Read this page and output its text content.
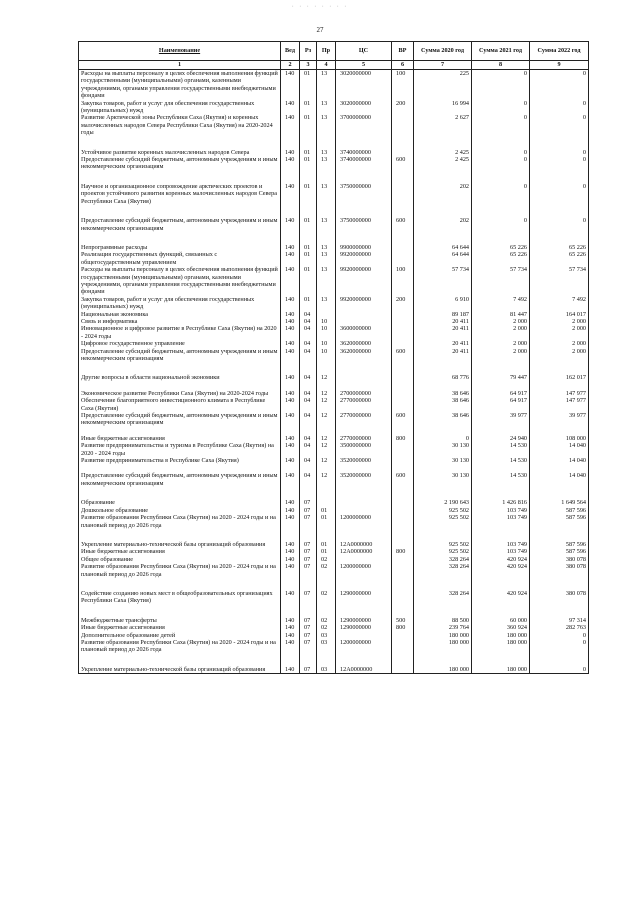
· · · · · · · ·
27
Наименование	Вед	Рз	Пр	ЦС	ВР	Сумма 2020 год	Сумма 2021 год	Сумма 2022 год
1	2	3	4	5	6	7	8	9
Расходы на выплаты персоналу в целях обеспечения выполнения функций государственными (муниципальными) органами, казенными учреждениями, органами управления государственными внебюджетными фондами	140	01	13	3020000000	100	225	0	0
Закупка товаров, работ и услуг для обеспечения государственных (муниципальных) нужд	140	01	13	3020000000	200	16 994	0	0
Развитие Арктической зоны Республики Саха (Якутия) и коренных малочисленных народов Севера Республики Саха (Якутия) на 2020-2024 годы	140	01	13	3700000000		2 627	0	0
Устойчивое развитие коренных малочисленных народов Севера	140	01	13	3740000000		2 425	0	0
Предоставление субсидий бюджетным, автономным учреждениям и иным некоммерческим организациям	140	01	13	3740000000	600	2 425	0	0
Научное и организационное сопровождение арктических проектов и проектов устойчивого развития коренных малочисленных народов Севера Республики Саха (Якутия)	140	01	13	3750000000		202	0	0
Предоставление субсидий бюджетным, автономным учреждениям и иным некоммерческим организациям	140	01	13	3750000000	600	202	0	0
Непрограммные расходы	140	01	13	9900000000		64 644	65 226	65 226
Реализация государственных функций, связанных с общегосударственным управлением	140	01	13	9920000000		64 644	65 226	65 226
Расходы на выплаты персоналу в целях обеспечения выполнения функций государственными (муниципальными) органами, казенными учреждениями, органами управления государственными внебюджетными фондами	140	01	13	9920000000	100	57 734	57 734	57 734
Закупка товаров, работ и услуг для обеспечения государственных (муниципальных) нужд	140	01	13	9920000000	200	6 910	7 492	7 492
Национальная экономика	140	04				89 187	81 447	164 017
Связь и информатика	140	04	10			20 411	2 000	2 000
Инновационное и цифровое развитие в Республике Саха (Якутия) на 2020 - 2024 годы	140	04	10	3600000000		20 411	2 000	2 000
Цифровое государственное управление	140	04	10	3620000000		20 411	2 000	2 000
Предоставление субсидий бюджетным, автономным учреждениям и иным некоммерческим организациям	140	04	10	3620000000	600	20 411	2 000	2 000
Другие вопросы в области национальной экономики	140	04	12			68 776	79 447	162 017
Экономическое развитие Республики Саха (Якутия) на 2020-2024 годы	140	04	12	2700000000		38 646	64 917	147 977
Обеспечение благоприятного инвестиционного климата в Республике Саха (Якутия)	140	04	12	2770000000		38 646	64 917	147 977
Предоставление субсидий бюджетным, автономным учреждениям и иным некоммерческим организациям	140	04	12	2770000000	600	38 646	39 977	39 977
Иные бюджетные ассигнования	140	04	12	2770000000	800	0	24 940	108 000
Развитие предпринимательства и туризма в Республике Саха (Якутия) на 2020 - 2024 годы	140	04	12	3500000000		30 130	14 530	14 040
Развитие предпринимательства в Республике Саха (Якутия)	140	04	12	3520000000		30 130	14 530	14 040
Предоставление субсидий бюджетным, автономным учреждениям и иным некоммерческим организациям	140	04	12	3520000000	600	30 130	14 530	14 040
Образование	140	07				2 190 643	1 426 816	1 649 564
Дошкольное образование	140	07	01			925 502	103 749	587 596
Развитие образования Республики Саха (Якутия) на 2020 - 2024 годы и на плановый период до 2026 года	140	07	01	1200000000		925 502	103 749	587 596
Укрепление материально-технической базы организаций образования	140	07	01	12А0000000		925 502	103 749	587 596
Иные бюджетные ассигнования	140	07	01	12А0000000	800	925 502	103 749	587 596
Общее образование	140	07	02			328 264	420 924	380 078
Развитие образования Республики Саха (Якутия) на 2020 - 2024 годы и на плановый период до 2026 года	140	07	02	1200000000		328 264	420 924	380 078
Содействие созданию новых мест в общеобразовательных организациях Республики Саха (Якутия)	140	07	02	1290000000		328 264	420 924	380 078
Межбюджетные трансферты	140	07	02	1290000000	500	88 500	60 000	97 314
Иные бюджетные ассигнования	140	07	02	1290000000	800	239 764	360 924	282 763
Дополнительное образование детей	140	07	03			180 000	180 000	0
Развитие образования Республики Саха (Якутия) на 2020 - 2024 годы и на плановый период до 2026 года	140	07	03	1200000000		180 000	180 000	0
Укрепление материально-технической базы организаций образования	140	07	03	12А0000000		180 000	180 000	0
